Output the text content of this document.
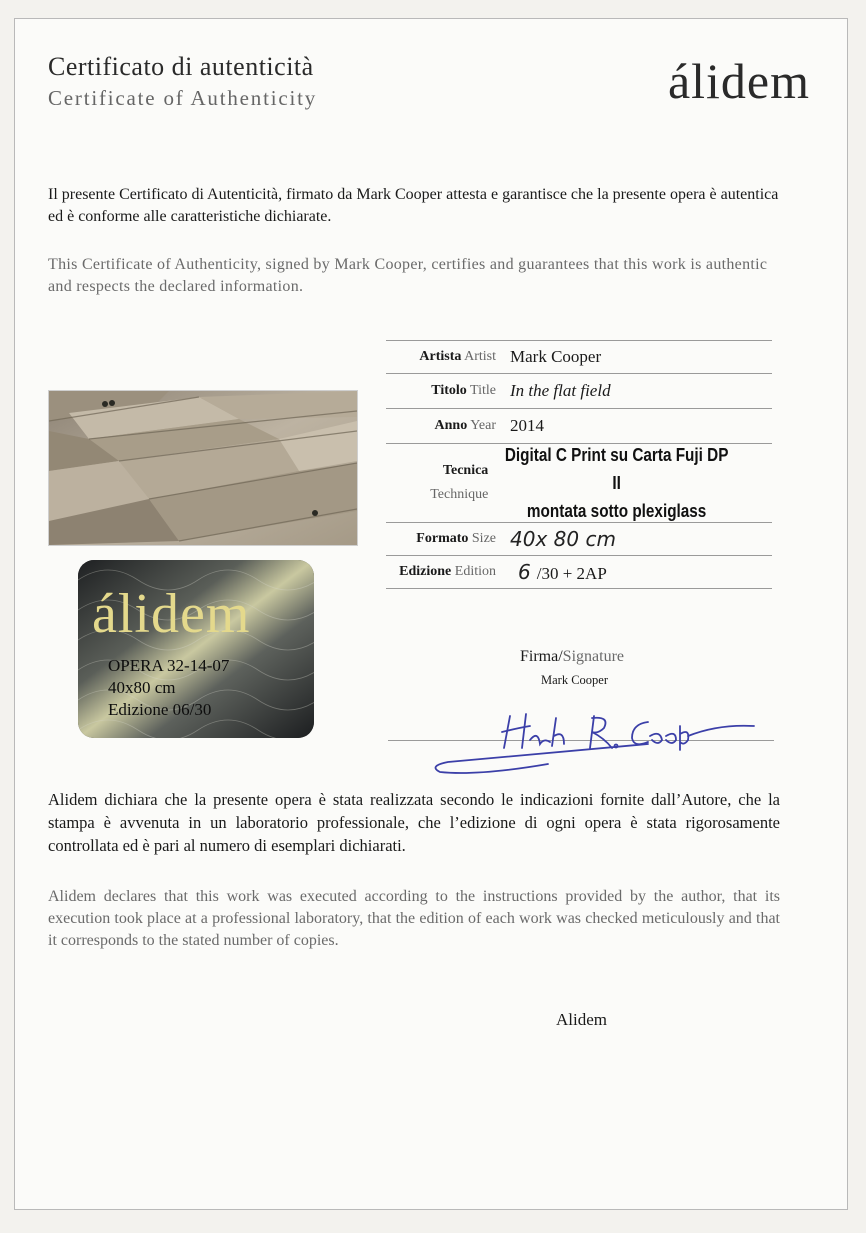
Certificato di autenticità
Certificate of Authenticity	álidem
Il presente Certificato di Autenticità, firmato da Mark Cooper attesta e garantisce che la presente opera è autentica ed è conforme alle caratteristiche dichiarate.
This Certificate of Authenticity, signed by Mark Cooper, certifies and guarantees that this work is authentic and respects the declared information.
álidem
OPERA 32-14-07
40x80 cm
Edizione 06/30
Artista Artist Mark Cooper
Titolo Title In the flat field
Anno Year 2014
Tecnica
Technique
Digital C Print su Carta Fuji DP II
montata sotto plexiglass
Formato Size 40x 80 cm
Edizione Edition	6 /30 + 2AP
Firma/Signature
Mark Cooper
Alidem dichiara che la presente opera è stata realizzata secondo le indicazioni fornite dall’Autore, che la stampa è avvenuta in un laboratorio professionale, che l’edizione di ogni opera è stata rigorosamente controllata ed è pari al numero di esemplari dichiarati.
Alidem declares that this work was executed according to the instructions provided by the author, that its execution took place at a professional laboratory, that the edition of each work was checked meticulously and that it corresponds to the stated number of copies.
Alidem
